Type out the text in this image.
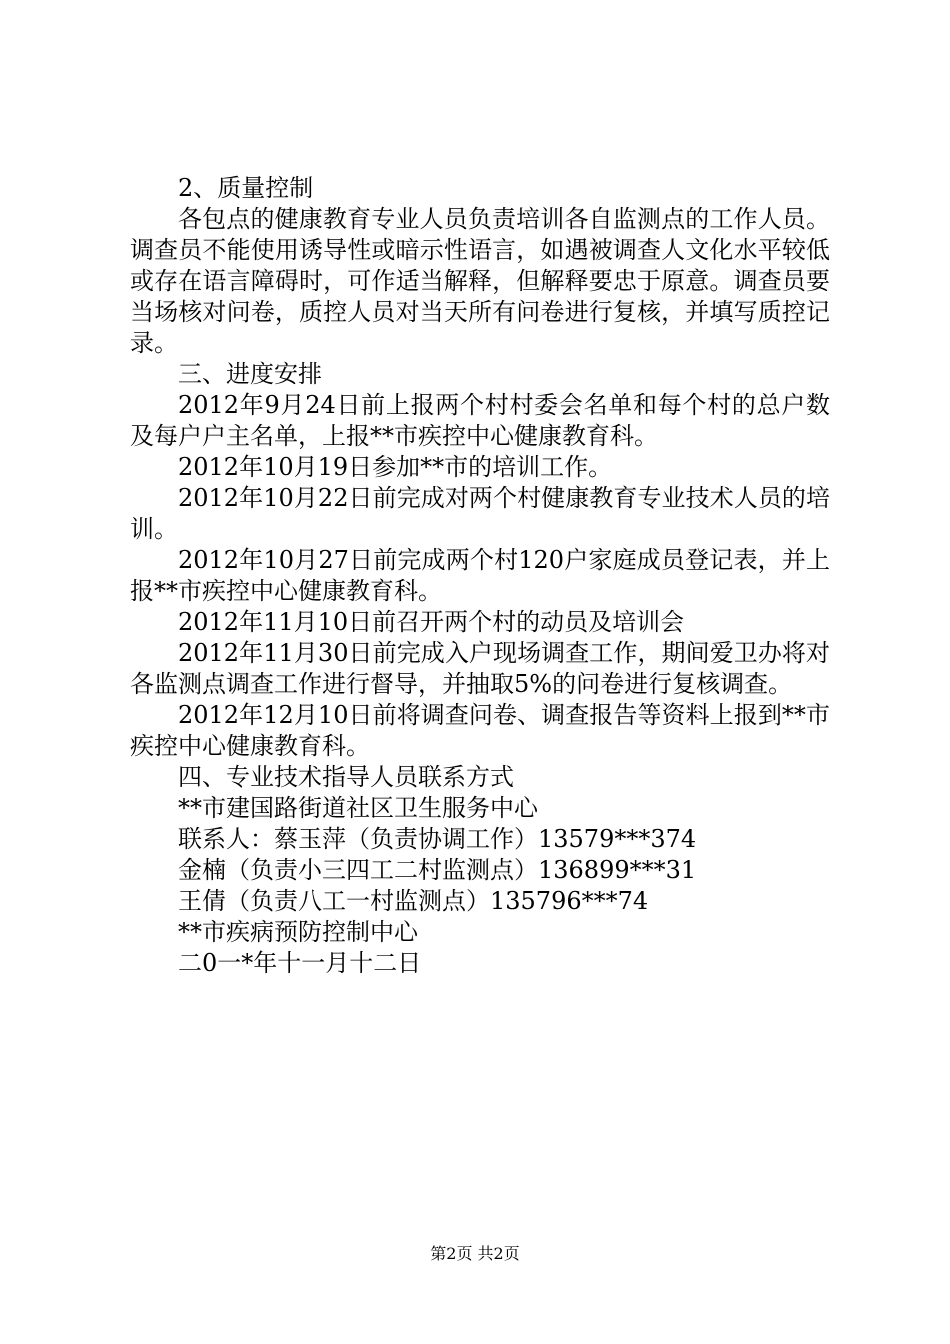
2、质量控制

各包点的健康教育专业人员负责培训各自监测点的工作人员。调查员不能使用诱导性或暗示性语言，如遇被调查人文化水平较低或存在语言障碍时，可作适当解释，但解释要忠于原意。调查员要当场核对问卷，质控人员对当天所有问卷进行复核，并填写质控记录。

三、进度安排

2012年9月24日前上报两个村村委会名单和每个村的总户数及每户户主名单，上报**市疾控中心健康教育科。

2012年10月19日参加**市的培训工作。

2012年10月22日前完成对两个村健康教育专业技术人员的培训。

2012年10月27日前完成两个村120户家庭成员登记表，并上报**市疾控中心健康教育科。

2012年11月10日前召开两个村的动员及培训会

2012年11月30日前完成入户现场调查工作，期间爱卫办将对各监测点调查工作进行督导，并抽取5%的问卷进行复核调查。

2012年12月10日前将调查问卷、调查报告等资料上报到**市疾控中心健康教育科。

四、专业技术指导人员联系方式

**市建国路街道社区卫生服务中心

联系人：蔡玉萍（负责协调工作）13579***374

金楠（负责小三四工二村监测点）136899***31

王倩（负责八工一村监测点）135796***74

**市疾病预防控制中心

二0一*年十一月十二日

第2页 共2页
